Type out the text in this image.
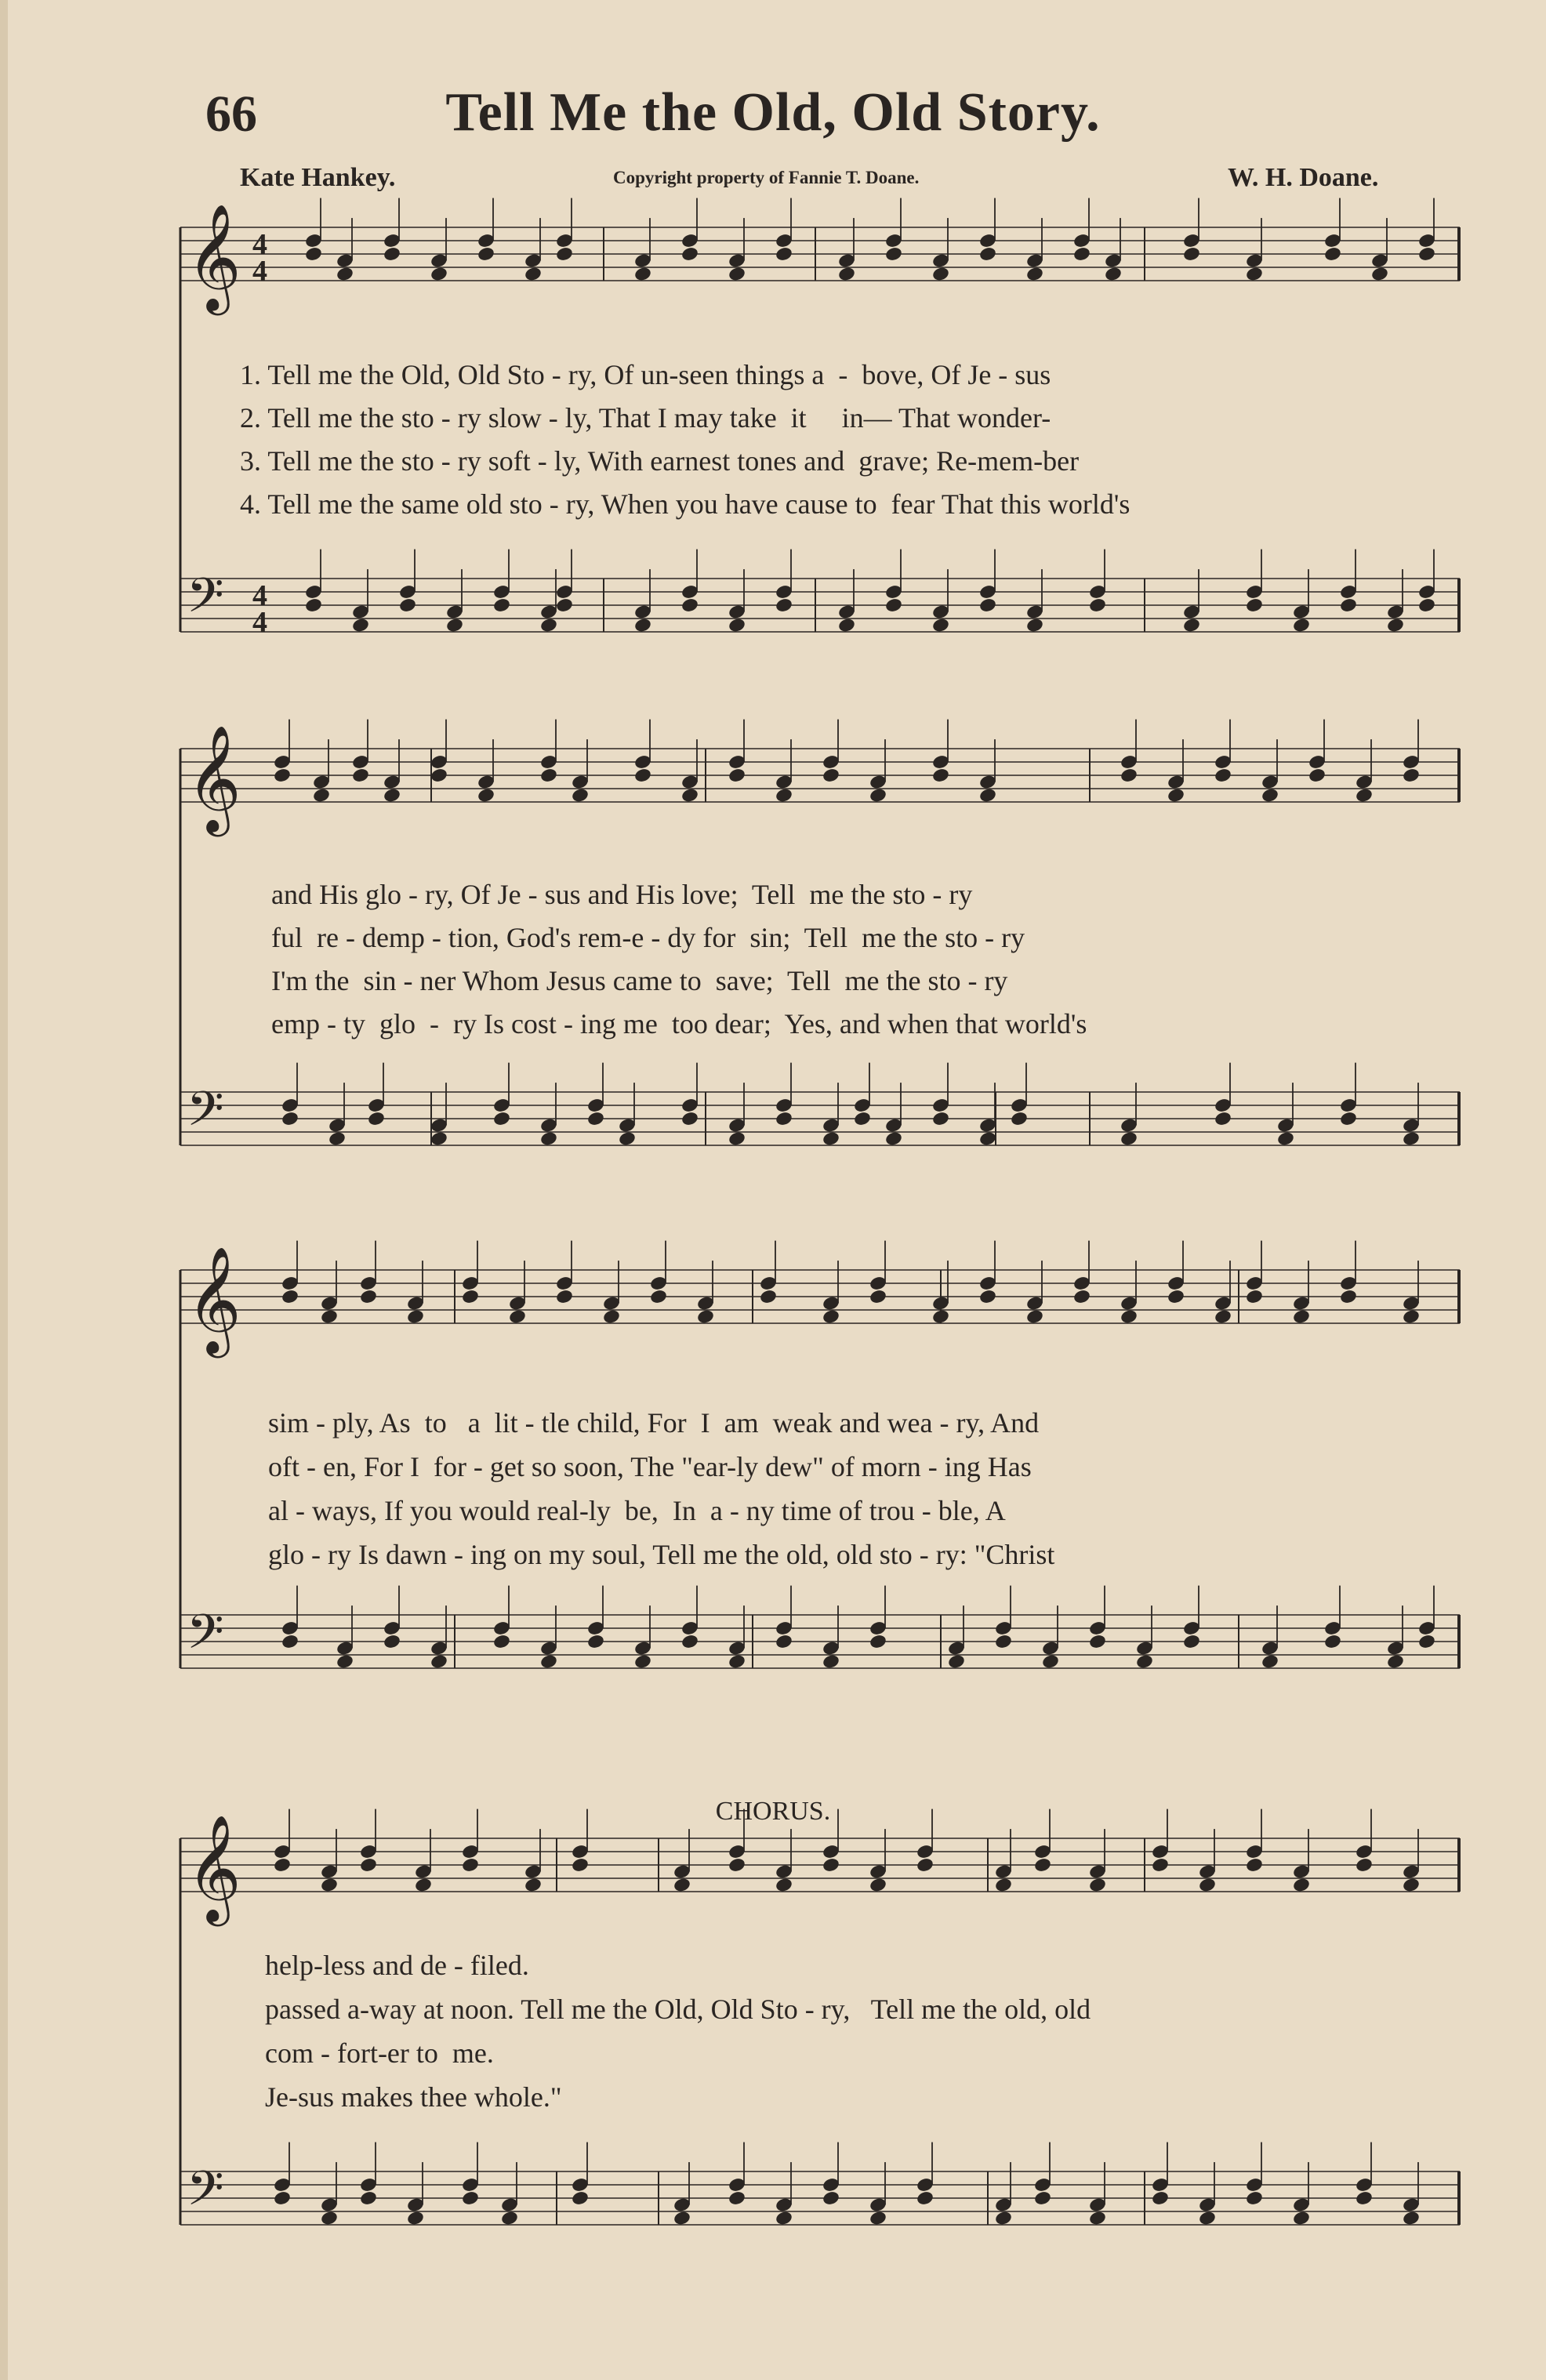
66	Tell Me the Old, Old Story.
Kate Hankey.	Copyright property of Fannie T. Doane.	W. H. Doane.
CHORUS.
𝄞 4
4
𝄢 4
4
1. Tell me the Old, Old Sto - ry, Of un-seen things a  -  bove, Of Je - sus
2. Tell me the sto - ry slow - ly, That I may take  it     in— That wonder-
3. Tell me the sto - ry soft - ly, With earnest tones and  grave; Re-mem-ber
4. Tell me the same old sto - ry, When you have cause to  fear That this world's
𝄞
𝄢
and His glo - ry, Of Je - sus and His love;  Tell  me the sto - ry
ful  re - demp - tion, God's rem-e - dy for  sin;  Tell  me the sto - ry
I'm the  sin - ner Whom Jesus came to  save;  Tell  me the sto - ry
emp - ty  glo  -  ry Is cost - ing me  too dear;  Yes, and when that world's
𝄞
𝄢
sim - ply, As  to   a  lit - tle child, For  I  am  weak and wea - ry, And
oft - en, For I  for - get so soon, The "ear-ly dew" of morn - ing Has
al - ways, If you would real-ly  be,  In  a - ny time of trou - ble, A
glo - ry Is dawn - ing on my soul, Tell me the old, old sto - ry: "Christ
𝄞
𝄢
help-less and de - filed.
passed a-way at noon. Tell me the Old, Old Sto - ry,   Tell me the old, old
com - fort-er to  me.
Je-sus makes thee whole."
